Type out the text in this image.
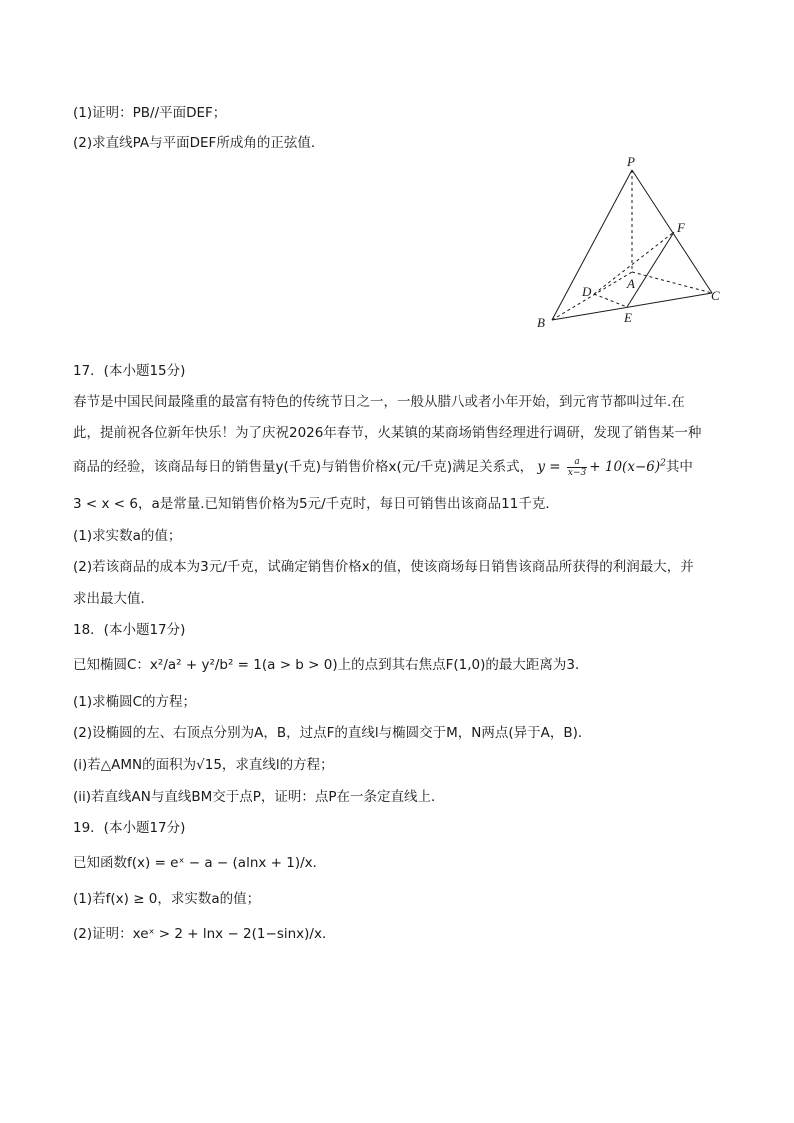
(1)证明：PB//平面DEF；
(2)求直线PA与平面DEF所成角的正弦值．
P
F
A
D	C
B	E
17．(本小题15分)
春节是中国民间最隆重的最富有特色的传统节日之一，一般从腊八或者小年开始，到元宵节都叫过年.在
此，提前祝各位新年快乐！为了庆祝2026年春节，火某镇的某商场销售经理进行调研，发现了销售某一种
商品的经验，该商品每日的销售量y(千克)与销售价格x(元/千克)满足关系式， $y = \frac{a}{x-3} + 10(x-6)^2$其中
3 < x < 6，a是常量.已知销售价格为5元/千克时，每日可销售出该商品11千克．
(1)求实数a的值；
(2)若该商品的成本为3元/千克，试确定销售价格x的值，使该商场每日销售该商品所获得的利润最大，并
求出最大值．
18．(本小题17分)
已知椭圆C：x²/a² + y²/b² = 1(a > b > 0)上的点到其右焦点F(1,0)的最大距离为3．
(1)求椭圆C的方程；
(2)设椭圆的左、右顶点分别为A，B，过点F的直线l与椭圆交于M，N两点(异于A，B)．
(i)若△AMN的面积为√15，求直线l的方程；
(ii)若直线AN与直线BM交于点P，证明：点P在一条定直线上．
19．(本小题17分)
已知函数f(x) = eˣ − a − (alnx + 1)/x．
(1)若f(x) ≥ 0，求实数a的值；
(2)证明：xeˣ > 2 + lnx − 2(1−sinx)/x．
